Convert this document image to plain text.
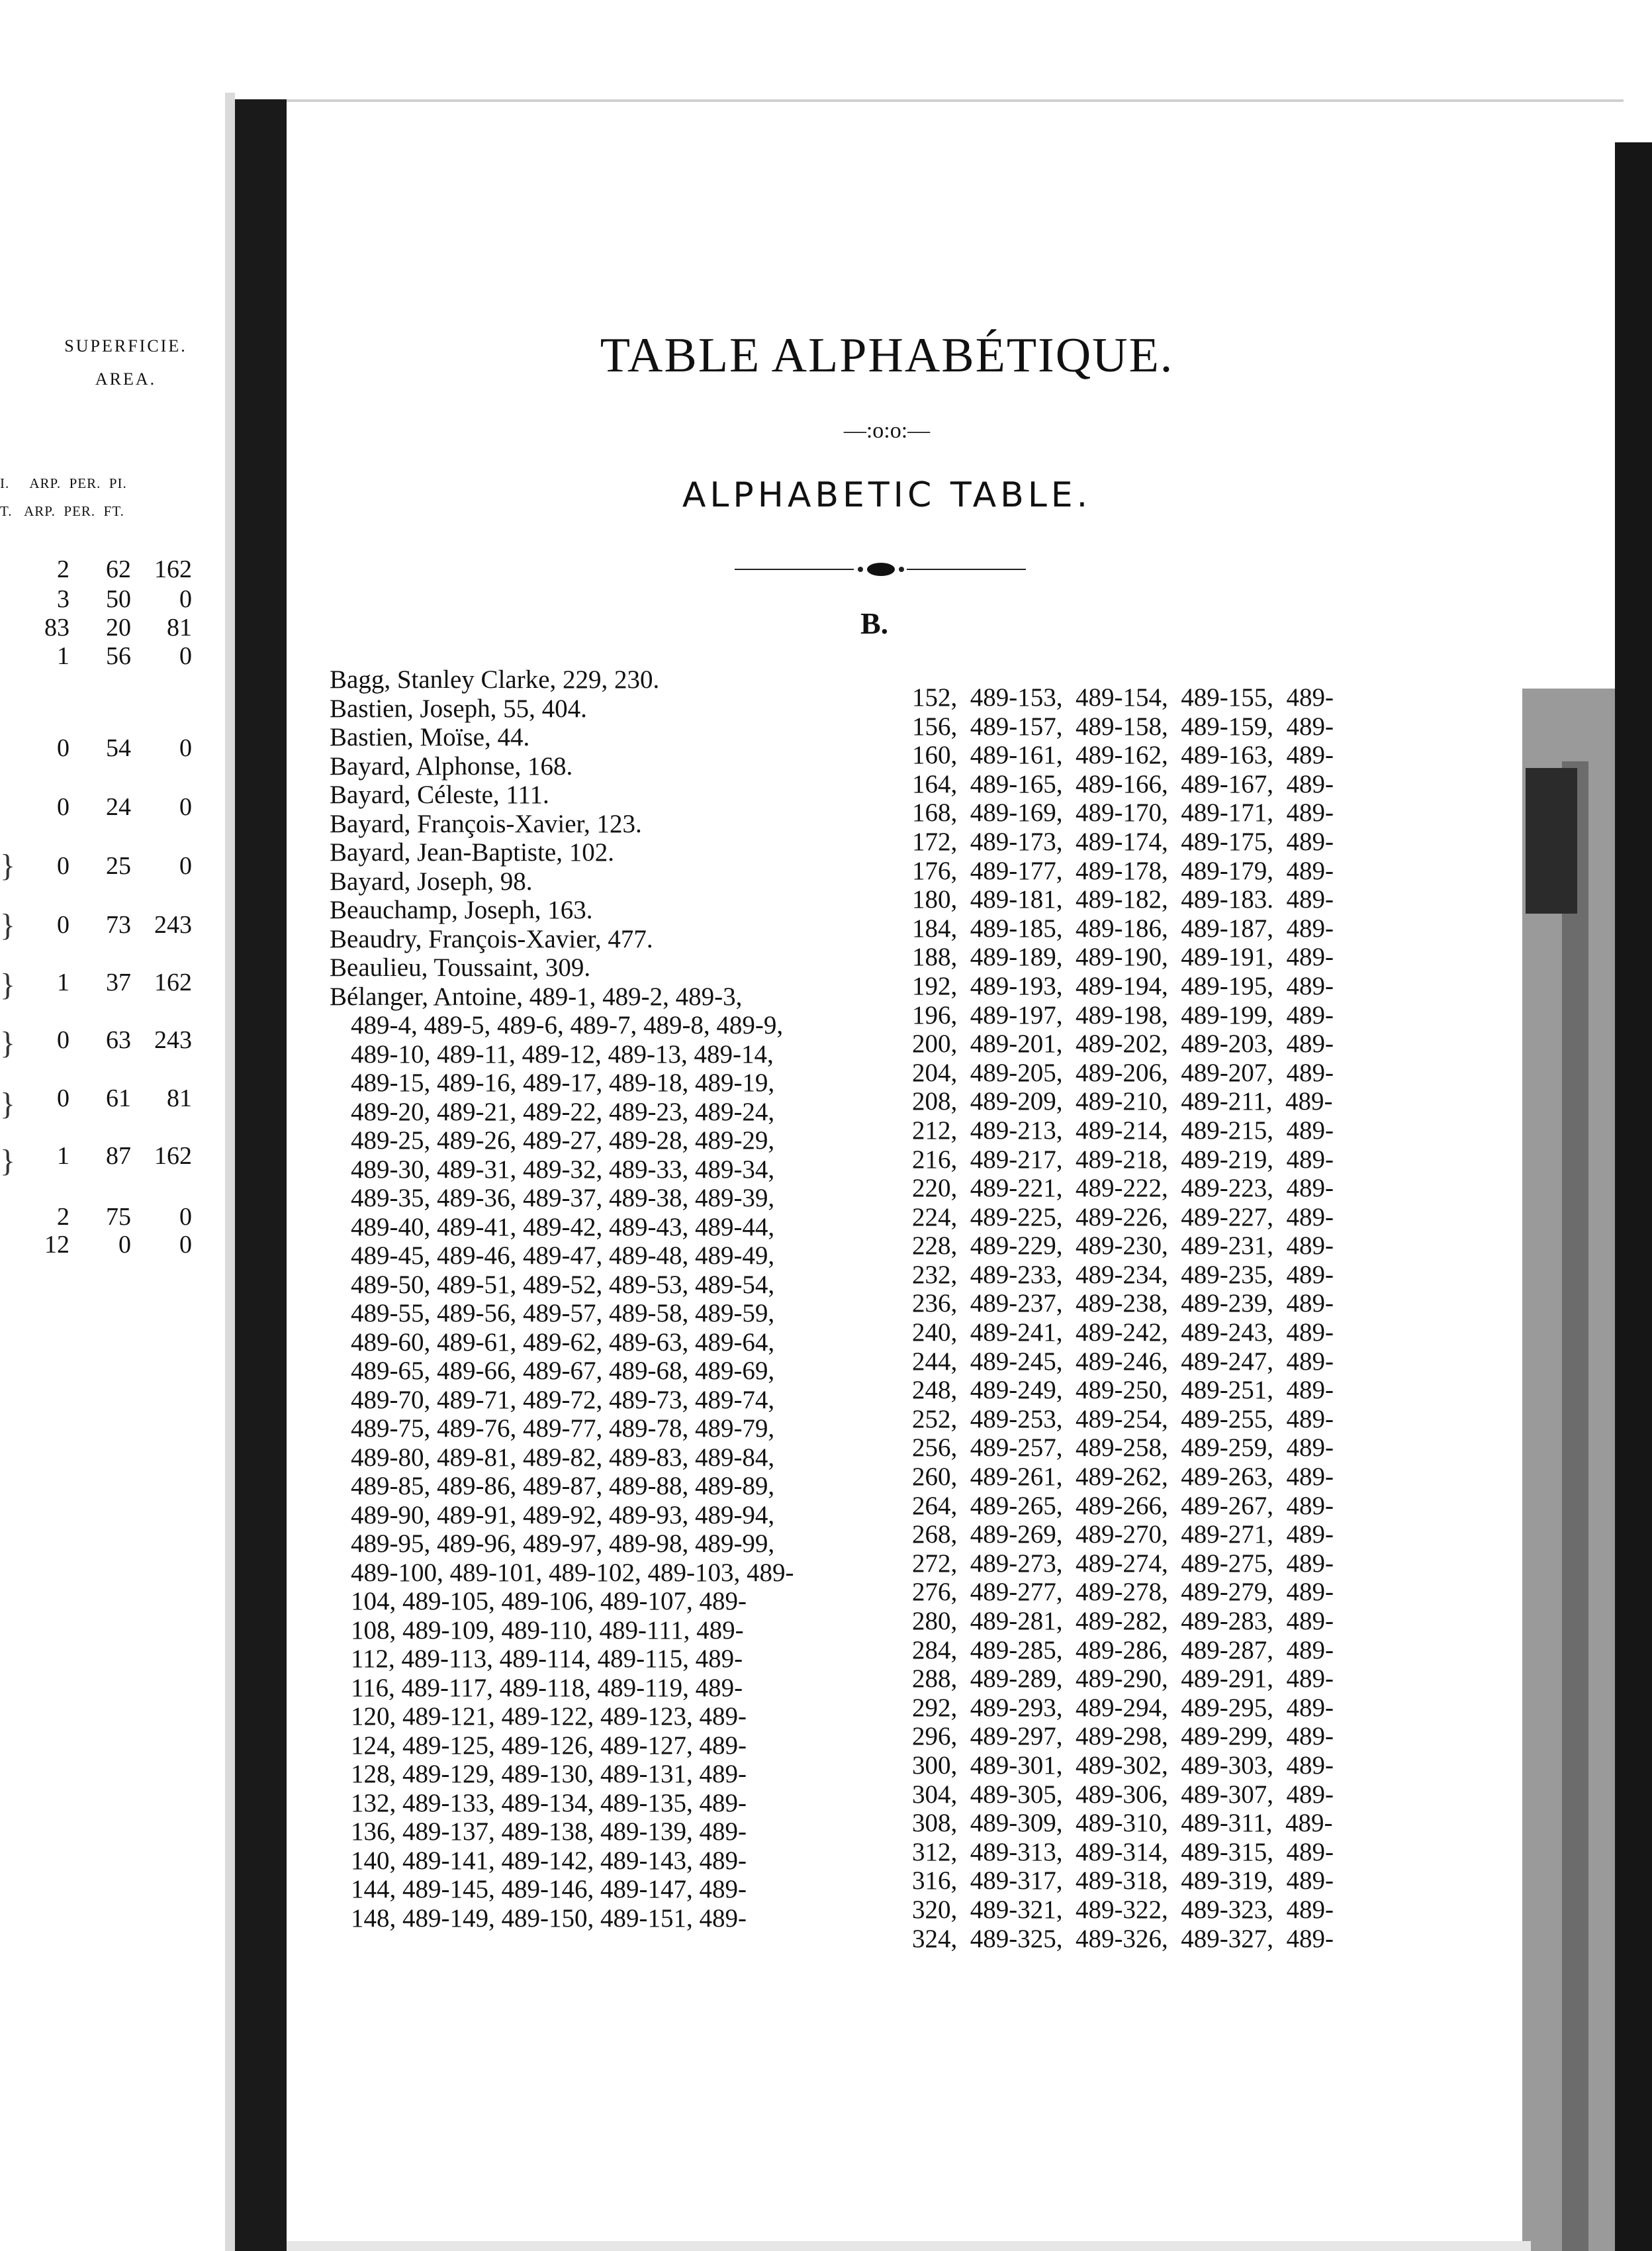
SUPERFICIE.
AREA.
I.     ARP.  PER.  PI.
T.   ARP.  PER.  FT.
2 62 162
3 50 0
83 20 81
1 56 0
0 54 0
0 24 0
0 25 0
0 73 243
1 37 162
0 63 243
0 61 81
1 87 162
2 75 0
12 0 0
}
}
}
}
}
}
TABLE ALPHABÉTIQUE.
—:o:o:—
ALPHABETIC TABLE.
B.
Bagg, Stanley Clarke, 229, 230.
Bastien, Joseph, 55, 404.
Bastien, Moïse, 44.
Bayard, Alphonse, 168.
Bayard, Céleste, 111.
Bayard, François-Xavier, 123.
Bayard, Jean-Baptiste, 102.
Bayard, Joseph, 98.
Beauchamp, Joseph, 163.
Beaudry, François-Xavier, 477.
Beaulieu, Toussaint, 309.
Bélanger, Antoine, 489-1, 489-2, 489-3,
489-4, 489-5, 489-6, 489-7, 489-8, 489-9,
489-10, 489-11, 489-12, 489-13, 489-14,
489-15, 489-16, 489-17, 489-18, 489-19,
489-20, 489-21, 489-22, 489-23, 489-24,
489-25, 489-26, 489-27, 489-28, 489-29,
489-30, 489-31, 489-32, 489-33, 489-34,
489-35, 489-36, 489-37, 489-38, 489-39,
489-40, 489-41, 489-42, 489-43, 489-44,
489-45, 489-46, 489-47, 489-48, 489-49,
489-50, 489-51, 489-52, 489-53, 489-54,
489-55, 489-56, 489-57, 489-58, 489-59,
489-60, 489-61, 489-62, 489-63, 489-64,
489-65, 489-66, 489-67, 489-68, 489-69,
489-70, 489-71, 489-72, 489-73, 489-74,
489-75, 489-76, 489-77, 489-78, 489-79,
489-80, 489-81, 489-82, 489-83, 489-84,
489-85, 489-86, 489-87, 489-88, 489-89,
489-90, 489-91, 489-92, 489-93, 489-94,
489-95, 489-96, 489-97, 489-98, 489-99,
489-100, 489-101, 489-102, 489-103, 489-
104, 489-105, 489-106, 489-107, 489-
108, 489-109, 489-110, 489-111, 489-
112, 489-113, 489-114, 489-115, 489-
116, 489-117, 489-118, 489-119, 489-
120, 489-121, 489-122, 489-123, 489-
124, 489-125, 489-126, 489-127, 489-
128, 489-129, 489-130, 489-131, 489-
132, 489-133, 489-134, 489-135, 489-
136, 489-137, 489-138, 489-139, 489-
140, 489-141, 489-142, 489-143, 489-
144, 489-145, 489-146, 489-147, 489-
148, 489-149, 489-150, 489-151, 489-
152,  489-153,  489-154,  489-155,  489-
156,  489-157,  489-158,  489-159,  489-
160,  489-161,  489-162,  489-163,  489-
164,  489-165,  489-166,  489-167,  489-
168,  489-169,  489-170,  489-171,  489-
172,  489-173,  489-174,  489-175,  489-
176,  489-177,  489-178,  489-179,  489-
180,  489-181,  489-182,  489-183.  489-
184,  489-185,  489-186,  489-187,  489-
188,  489-189,  489-190,  489-191,  489-
192,  489-193,  489-194,  489-195,  489-
196,  489-197,  489-198,  489-199,  489-
200,  489-201,  489-202,  489-203,  489-
204,  489-205,  489-206,  489-207,  489-
208,  489-209,  489-210,  489-211,  489-
212,  489-213,  489-214,  489-215,  489-
216,  489-217,  489-218,  489-219,  489-
220,  489-221,  489-222,  489-223,  489-
224,  489-225,  489-226,  489-227,  489-
228,  489-229,  489-230,  489-231,  489-
232,  489-233,  489-234,  489-235,  489-
236,  489-237,  489-238,  489-239,  489-
240,  489-241,  489-242,  489-243,  489-
244,  489-245,  489-246,  489-247,  489-
248,  489-249,  489-250,  489-251,  489-
252,  489-253,  489-254,  489-255,  489-
256,  489-257,  489-258,  489-259,  489-
260,  489-261,  489-262,  489-263,  489-
264,  489-265,  489-266,  489-267,  489-
268,  489-269,  489-270,  489-271,  489-
272,  489-273,  489-274,  489-275,  489-
276,  489-277,  489-278,  489-279,  489-
280,  489-281,  489-282,  489-283,  489-
284,  489-285,  489-286,  489-287,  489-
288,  489-289,  489-290,  489-291,  489-
292,  489-293,  489-294,  489-295,  489-
296,  489-297,  489-298,  489-299,  489-
300,  489-301,  489-302,  489-303,  489-
304,  489-305,  489-306,  489-307,  489-
308,  489-309,  489-310,  489-311,  489-
312,  489-313,  489-314,  489-315,  489-
316,  489-317,  489-318,  489-319,  489-
320,  489-321,  489-322,  489-323,  489-
324,  489-325,  489-326,  489-327,  489-
